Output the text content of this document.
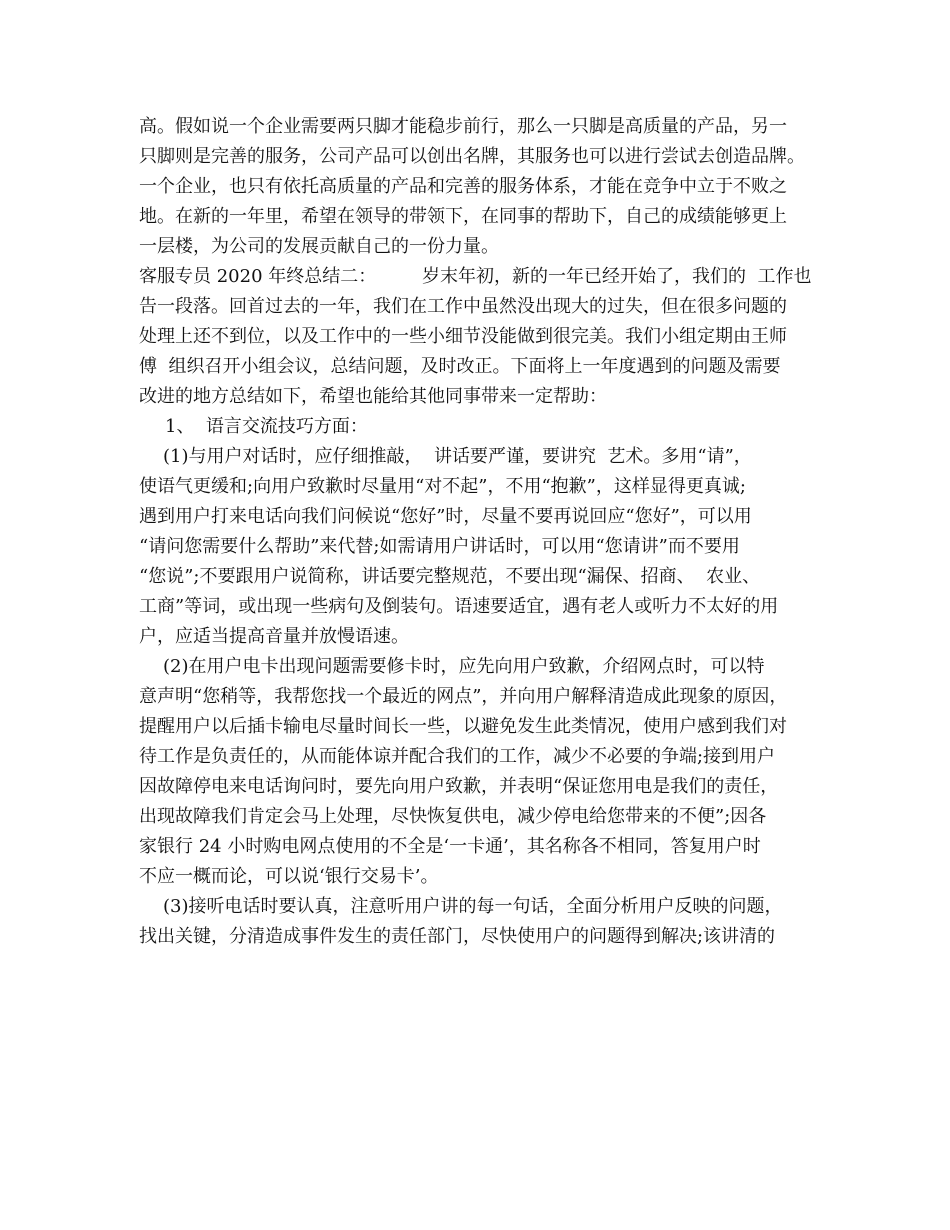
高。假如说一个企业需要两只脚才能稳步前行，那么一只脚是高质量的产品，另一
只脚则是完善的服务，公司产品可以创出名牌，其服务也可以进行尝试去创造品牌。
一个企业，也只有依托高质量的产品和完善的服务体系，才能在竞争中立于不败之
地。在新的一年里，希望在领导的带领下，在同事的帮助下，自己的成绩能够更上
一层楼，为公司的发展贡献自己的一份力量。
客服专员 2020 年终总结二：        岁末年初，新的一年已经开始了，我们的  工作也
告一段落。回首过去的一年，我们在工作中虽然没出现大的过失，但在很多问题的
处理上还不到位，以及工作中的一些小细节没能做到很完美。我们小组定期由王师
傅  组织召开小组会议，总结问题，及时改正。下面将上一年度遇到的问题及需要
改进的地方总结如下，希望也能给其他同事带来一定帮助：
1、  语言交流技巧方面：
(1)与用户对话时，应仔细推敲，  讲话要严谨，要讲究  艺术。多用“请”，
使语气更缓和;向用户致歉时尽量用“对不起”，不用“抱歉”，这样显得更真诚;
遇到用户打来电话向我们问候说“您好”时，尽量不要再说回应“您好”，可以用
“请问您需要什么帮助”来代替;如需请用户讲话时，可以用“您请讲”而不要用
“您说”;不要跟用户说简称，讲话要完整规范，不要出现“漏保、招商、  农业、
工商”等词，或出现一些病句及倒装句。语速要适宜，遇有老人或听力不太好的用
户，应适当提高音量并放慢语速。
(2)在用户电卡出现问题需要修卡时，应先向用户致歉，介绍网点时，可以特
意声明“您稍等，我帮您找一个最近的网点”，并向用户解释清造成此现象的原因，
提醒用户以后插卡输电尽量时间长一些，以避免发生此类情况，使用户感到我们对
待工作是负责任的，从而能体谅并配合我们的工作，减少不必要的争端;接到用户
因故障停电来电话询问时，要先向用户致歉，并表明“保证您用电是我们的责任，
出现故障我们肯定会马上处理，尽快恢复供电，减少停电给您带来的不便”;因各
家银行 24 小时购电网点使用的不全是‘一卡通’，其名称各不相同，答复用户时
不应一概而论，可以说‘银行交易卡’。
(3)接听电话时要认真，注意听用户讲的每一句话，全面分析用户反映的问题，
找出关键，分清造成事件发生的责任部门，尽快使用户的问题得到解决;该讲清的
